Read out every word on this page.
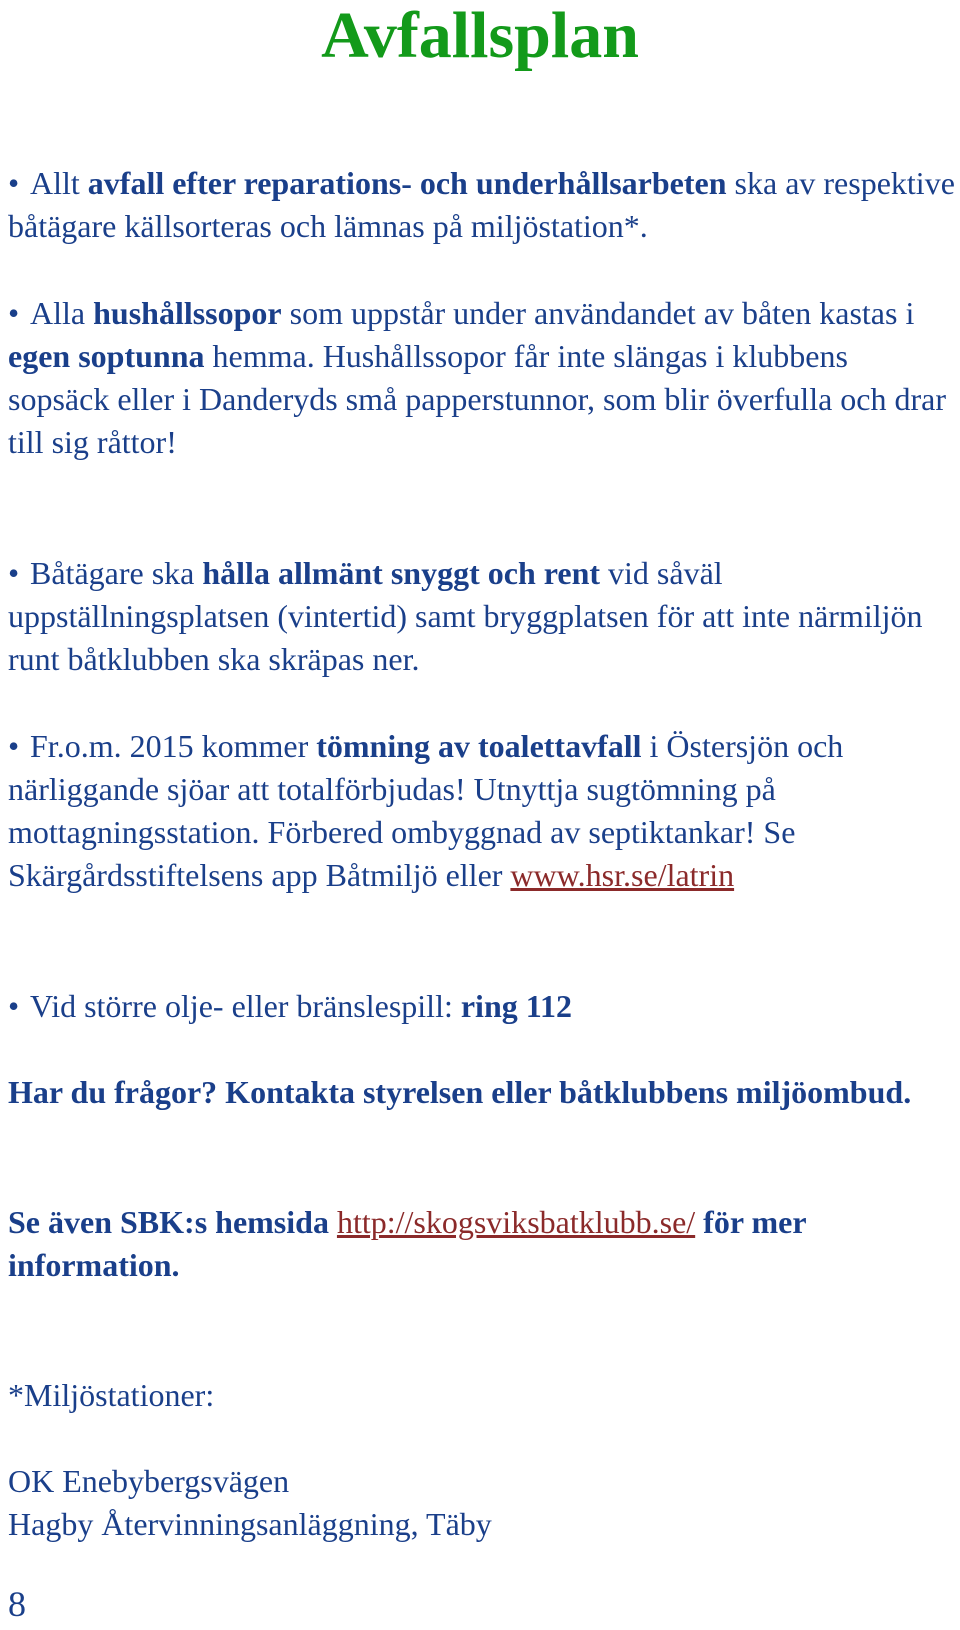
Avfallsplan

• Allt avfall efter reparations- och underhållsarbeten ska av respektive båtägare källsorteras och lämnas på miljöstation*.

• Alla hushållssopor som uppstår under användandet av båten kastas i egen soptunna hemma. Hushållssopor får inte slängas i klubbens sopsäck eller i Danderyds små papperstunnor, som blir överfulla och drar till sig råttor!

• Båtägare ska hålla allmänt snyggt och rent vid såväl uppställningsplatsen (vintertid) samt bryggplatsen för att inte närmiljön runt båtklubben ska skräpas ner.

• Fr.o.m. 2015 kommer tömning av toalettavfall i Östersjön och närliggande sjöar att totalförbjudas! Utnyttja sugtömning på mottagningsstation. Förbered ombyggnad av septiktankar! Se Skärgårdsstiftelsens app Båtmiljö eller www.hsr.se/latrin

• Vid större olje- eller bränslespill: ring 112

Har du frågor? Kontakta styrelsen eller båtklubbens miljöombud.

Se även SBK:s hemsida http://skogsviksbatklubb.se/ för mer information.

*Miljöstationer:

OK Enebybergsvägen
Hagby Återvinningsanläggning, Täby

8
